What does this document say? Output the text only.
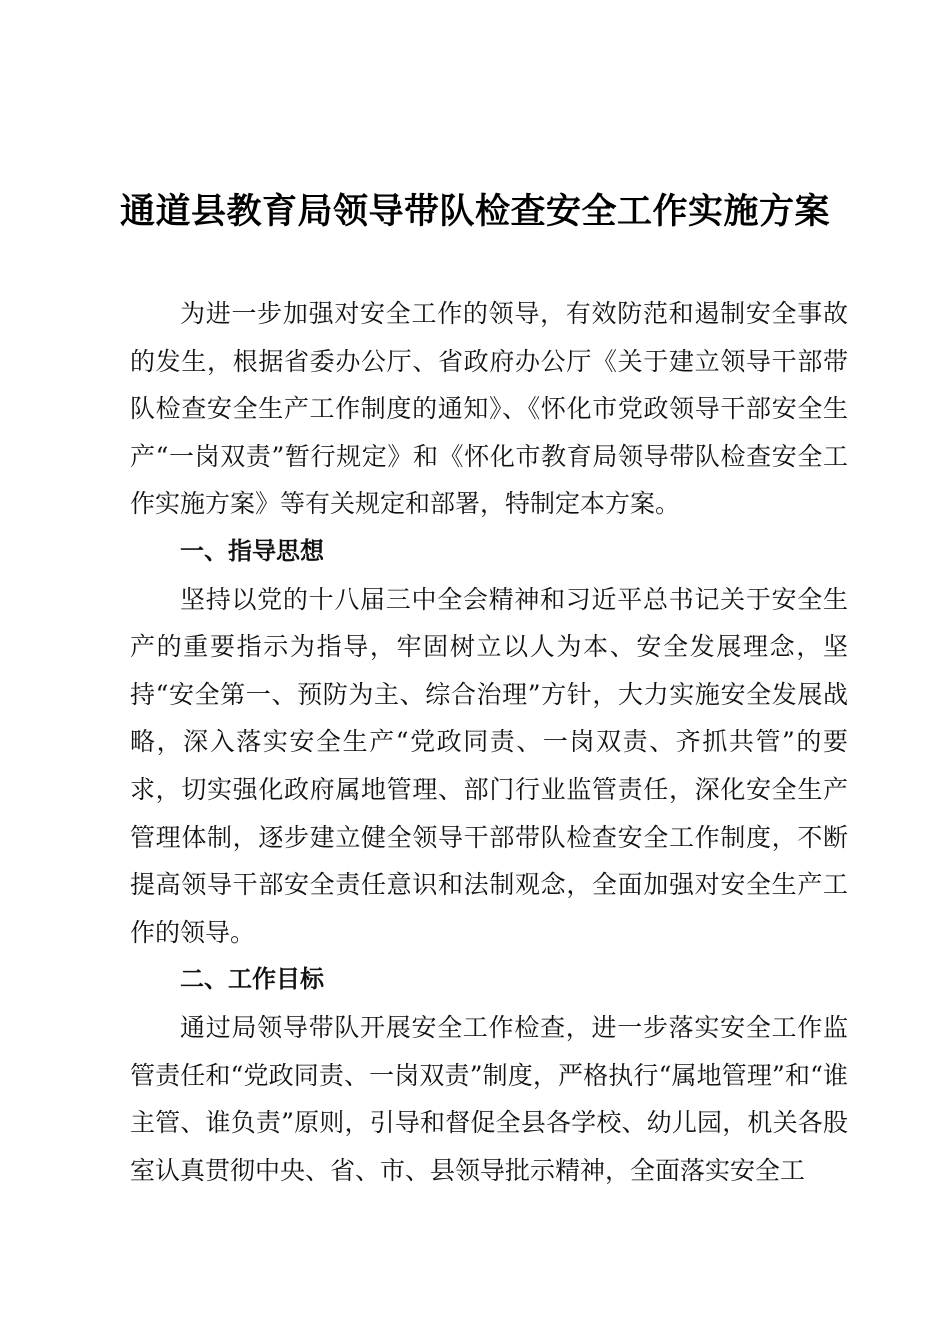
通道县教育局领导带队检查安全工作实施方案

为进一步加强对安全工作的领导，有效防范和遏制安全事故的发生，根据省委办公厅、省政府办公厅《关于建立领导干部带队检查安全生产工作制度的通知》、《怀化市党政领导干部安全生产“一岗双责”暂行规定》和《怀化市教育局领导带队检查安全工作实施方案》等有关规定和部署，特制定本方案。

一、指导思想

坚持以党的十八届三中全会精神和习近平总书记关于安全生产的重要指示为指导，牢固树立以人为本、安全发展理念，坚持“安全第一、预防为主、综合治理”方针，大力实施安全发展战略，深入落实安全生产“党政同责、一岗双责、齐抓共管”的要求，切实强化政府属地管理、部门行业监管责任，深化安全生产管理体制，逐步建立健全领导干部带队检查安全工作制度，不断提高领导干部安全责任意识和法制观念，全面加强对安全生产工作的领导。

二、工作目标

通过局领导带队开展安全工作检查，进一步落实安全工作监管责任和“党政同责、一岗双责”制度，严格执行“属地管理”和“谁主管、谁负责”原则，引导和督促全县各学校、幼儿园，机关各股室认真贯彻中央、省、市、县领导批示精神，全面落实安全工
